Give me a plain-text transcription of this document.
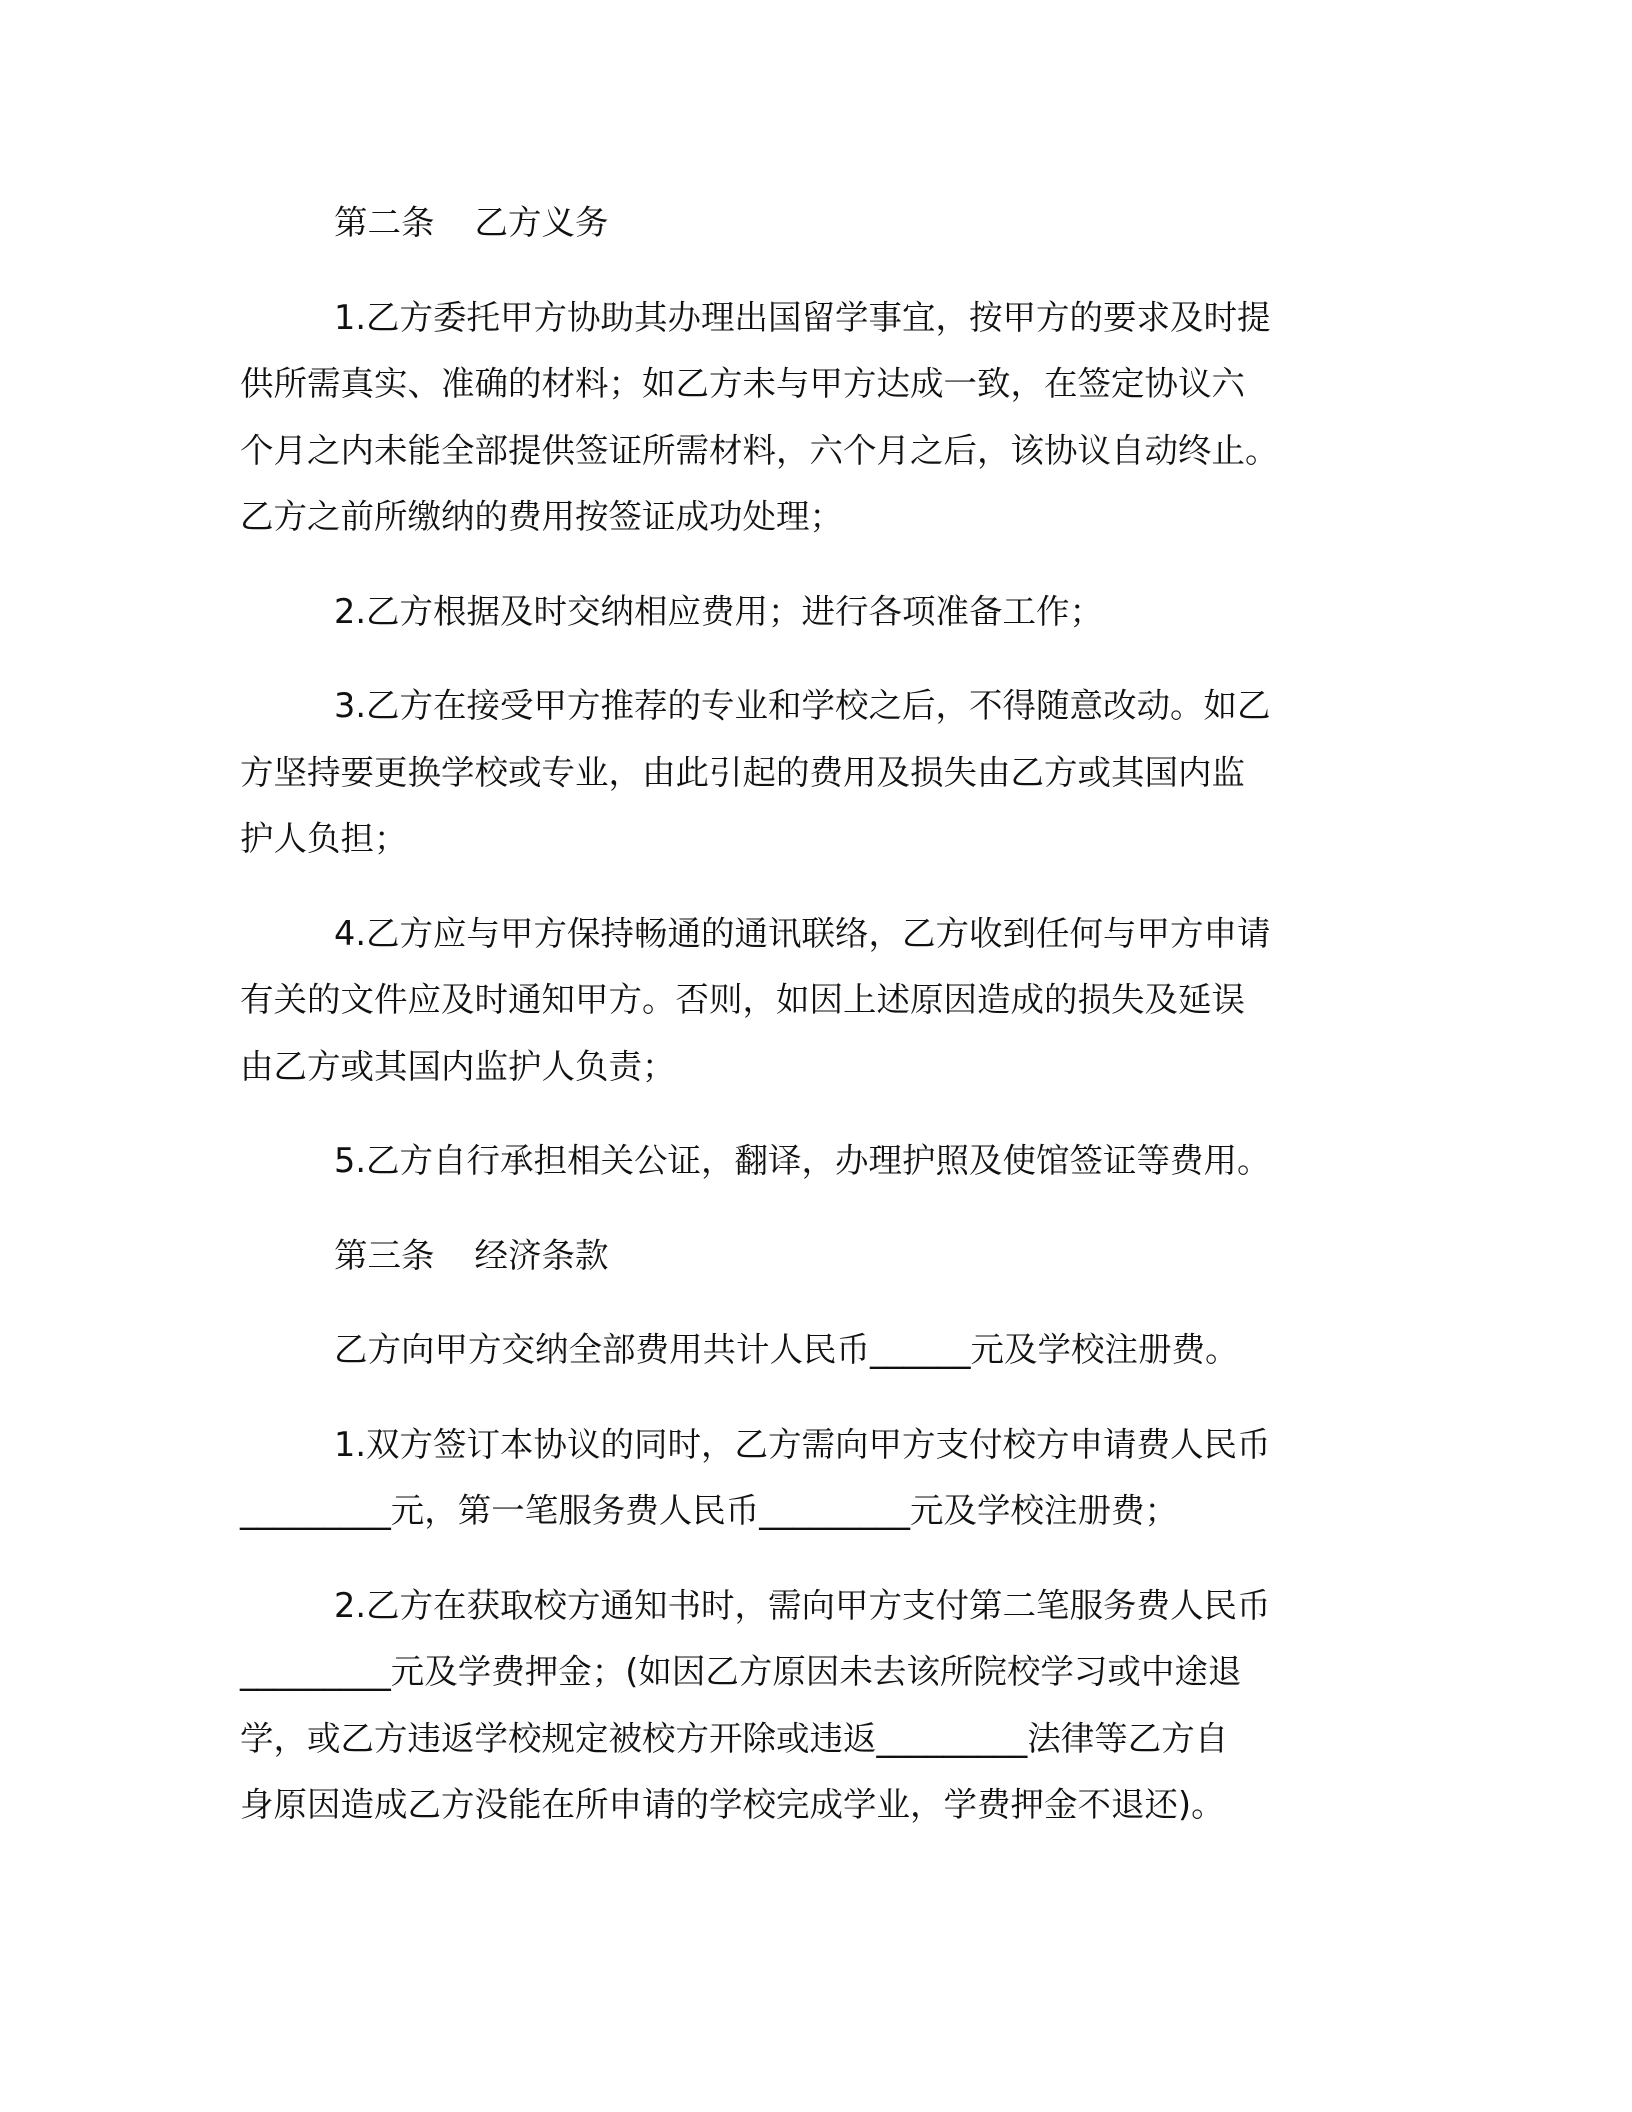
第二条 乙方义务

1.乙方委托甲方协助其办理出国留学事宜，按甲方的要求及时提
供所需真实、准确的材料；如乙方未与甲方达成一致，在签定协议六
个月之内未能全部提供签证所需材料，六个月之后，该协议自动终止。
乙方之前所缴纳的费用按签证成功处理；
2.乙方根据及时交纳相应费用；进行各项准备工作；
3.乙方在接受甲方推荐的专业和学校之后，不得随意改动。如乙
方坚持要更换学校或专业，由此引起的费用及损失由乙方或其国内监
护人负担；
4.乙方应与甲方保持畅通的通讯联络，乙方收到任何与甲方申请
有关的文件应及时通知甲方。否则，如因上述原因造成的损失及延误
由乙方或其国内监护人负责；
5.乙方自行承担相关公证，翻译，办理护照及使馆签证等费用。

第三条 经济条款

乙方向甲方交纳全部费用共计人民币______元及学校注册费。

1.双方签订本协议的同时，乙方需向甲方支付校方申请费人民币
_________元，第一笔服务费人民币_________元及学校注册费；
2.乙方在获取校方通知书时，需向甲方支付第二笔服务费人民币
_________元及学费押金；(如因乙方原因未去该所院校学习或中途退
学，或乙方违返学校规定被校方开除或违返_________法律等乙方自
身原因造成乙方没能在所申请的学校完成学业，学费押金不退还)。
